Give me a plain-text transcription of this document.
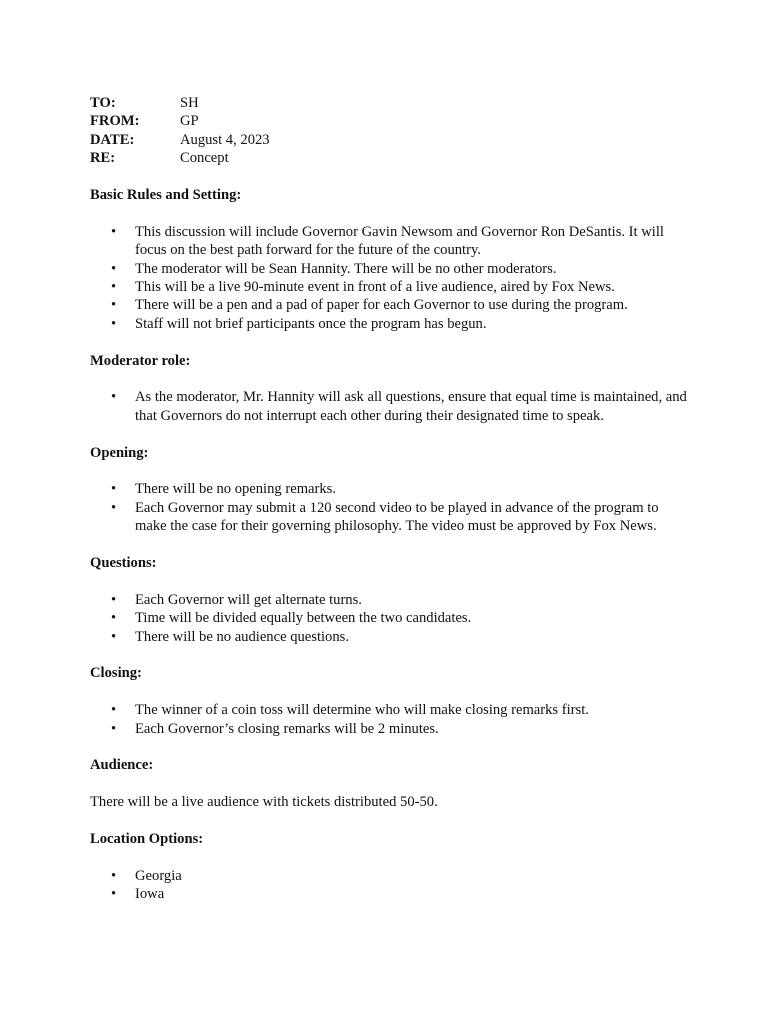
TO:	SH
FROM:	GP
DATE:	August 4, 2023
RE:	Concept

Basic Rules and Setting:

• This discussion will include Governor Gavin Newsom and Governor Ron DeSantis. It will focus on the best path forward for the future of the country.
• The moderator will be Sean Hannity. There will be no other moderators.
• This will be a live 90-minute event in front of a live audience, aired by Fox News.
• There will be a pen and a pad of paper for each Governor to use during the program.
• Staff will not brief participants once the program has begun.

Moderator role:

• As the moderator, Mr. Hannity will ask all questions, ensure that equal time is maintained, and that Governors do not interrupt each other during their designated time to speak.

Opening:

• There will be no opening remarks.
• Each Governor may submit a 120 second video to be played in advance of the program to make the case for their governing philosophy. The video must be approved by Fox News.

Questions:

• Each Governor will get alternate turns.
• Time will be divided equally between the two candidates.
• There will be no audience questions.

Closing:

• The winner of a coin toss will determine who will make closing remarks first.
• Each Governor’s closing remarks will be 2 minutes.

Audience:

There will be a live audience with tickets distributed 50-50.

Location Options:

• Georgia
• Iowa
